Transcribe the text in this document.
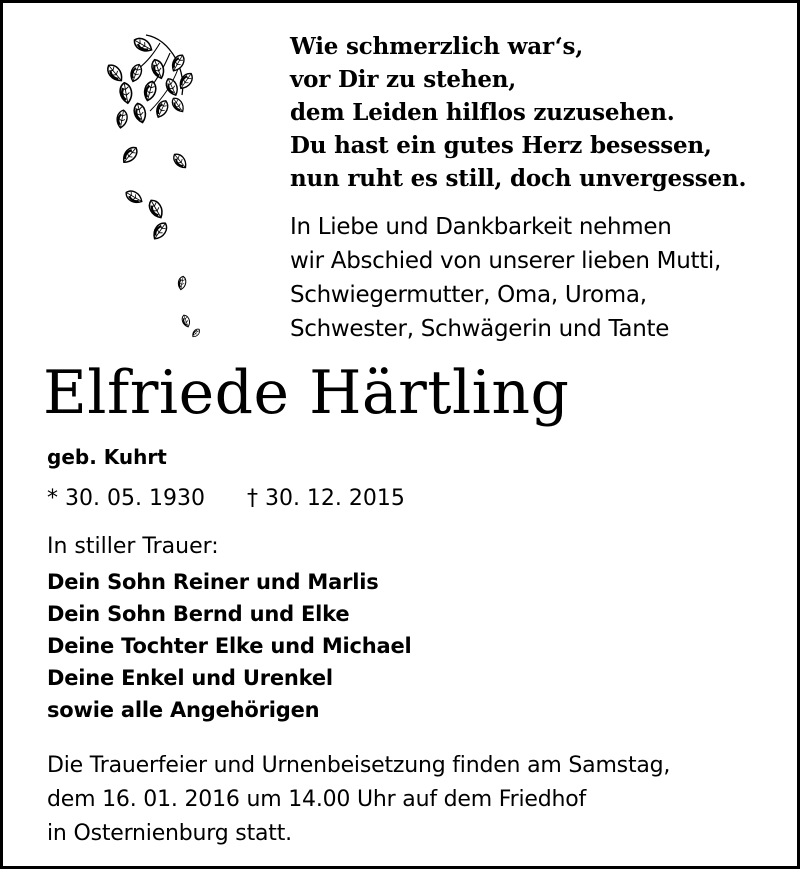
Wie schmerzlich war‘s,
vor Dir zu stehen,
dem Leiden hilflos zuzusehen.
Du hast ein gutes Herz besessen,
nun ruht es still, doch unvergessen.
In Liebe und Dankbarkeit nehmen
wir Abschied von unserer lieben Mutti,
Schwiegermutter, Oma, Uroma,
Schwester, Schwägerin und Tante
Elfriede Härtling
geb. Kuhrt
* 30. 05. 1930 † 30. 12. 2015
In stiller Trauer:
Dein Sohn Reiner und Marlis
Dein Sohn Bernd und Elke
Deine Tochter Elke und Michael
Deine Enkel und Urenkel
sowie alle Angehörigen
Die Trauerfeier und Urnenbeisetzung finden am Samstag,
dem 16. 01. 2016 um 14.00 Uhr auf dem Friedhof
in Osternienburg statt.
